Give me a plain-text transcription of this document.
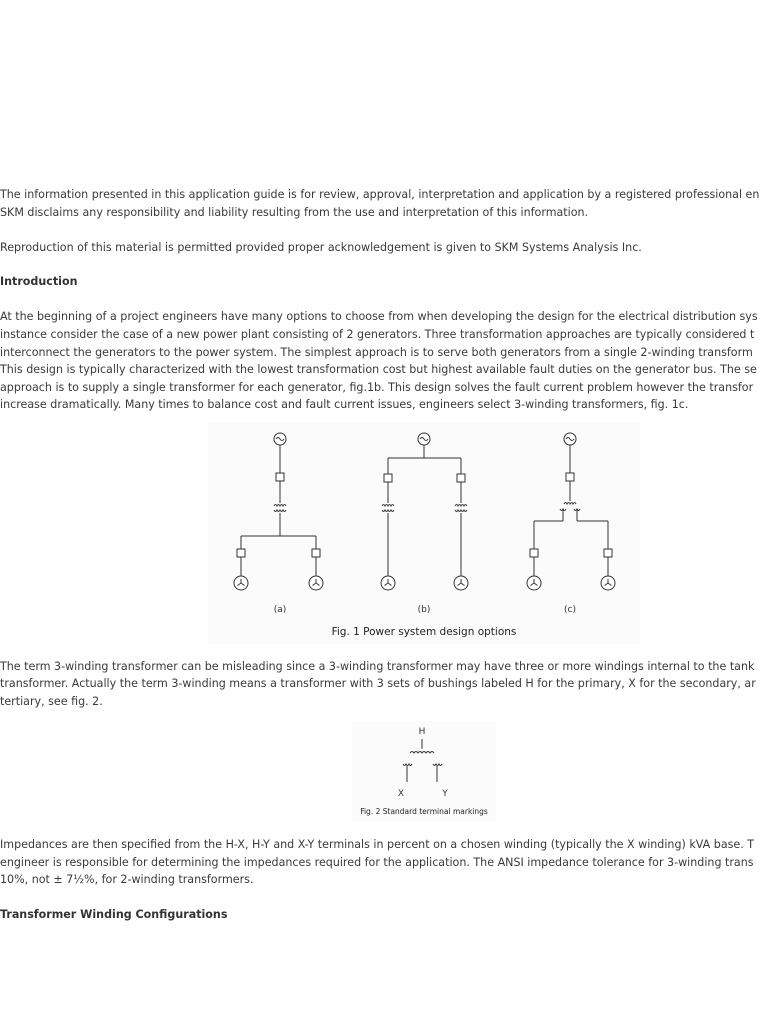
The information presented in this application guide is for review, approval, interpretation and application by a registered professional en
SKM disclaims any responsibility and liability resulting from the use and interpretation of this information.
Reproduction of this material is permitted provided proper acknowledgement is given to SKM Systems Analysis Inc.
Introduction
At the beginning of a project engineers have many options to choose from when developing the design for the electrical distribution sys
instance consider the case of a new power plant consisting of 2 generators. Three transformation approaches are typically considered t
interconnect the generators to the power system. The simplest approach is to serve both generators from a single 2-winding transform
This design is typically characterized with the lowest transformation cost but highest available fault duties on the generator bus. The se
approach is to supply a single transformer for each generator, fig.1b. This design solves the fault current problem however the transfor
increase dramatically. Many times to balance cost and fault current issues, engineers select 3-winding transformers, fig. 1c.
(a)	(b)	(c)
Fig. 1 Power system design options
The term 3-winding transformer can be misleading since a 3-winding transformer may have three or more windings internal to the tank
transformer. Actually the term 3-winding means a transformer with 3 sets of bushings labeled H for the primary, X for the secondary, ar
tertiary, see fig. 2.
H
X	Y
Fig. 2 Standard terminal markings
Impedances are then specified from the H-X, H-Y and X-Y terminals in percent on a chosen winding (typically the X winding) kVA base. T
engineer is responsible for determining the impedances required for the application. The ANSI impedance tolerance for 3-winding trans
10%, not ± 7½%, for 2-winding transformers.
Transformer Winding Configurations
